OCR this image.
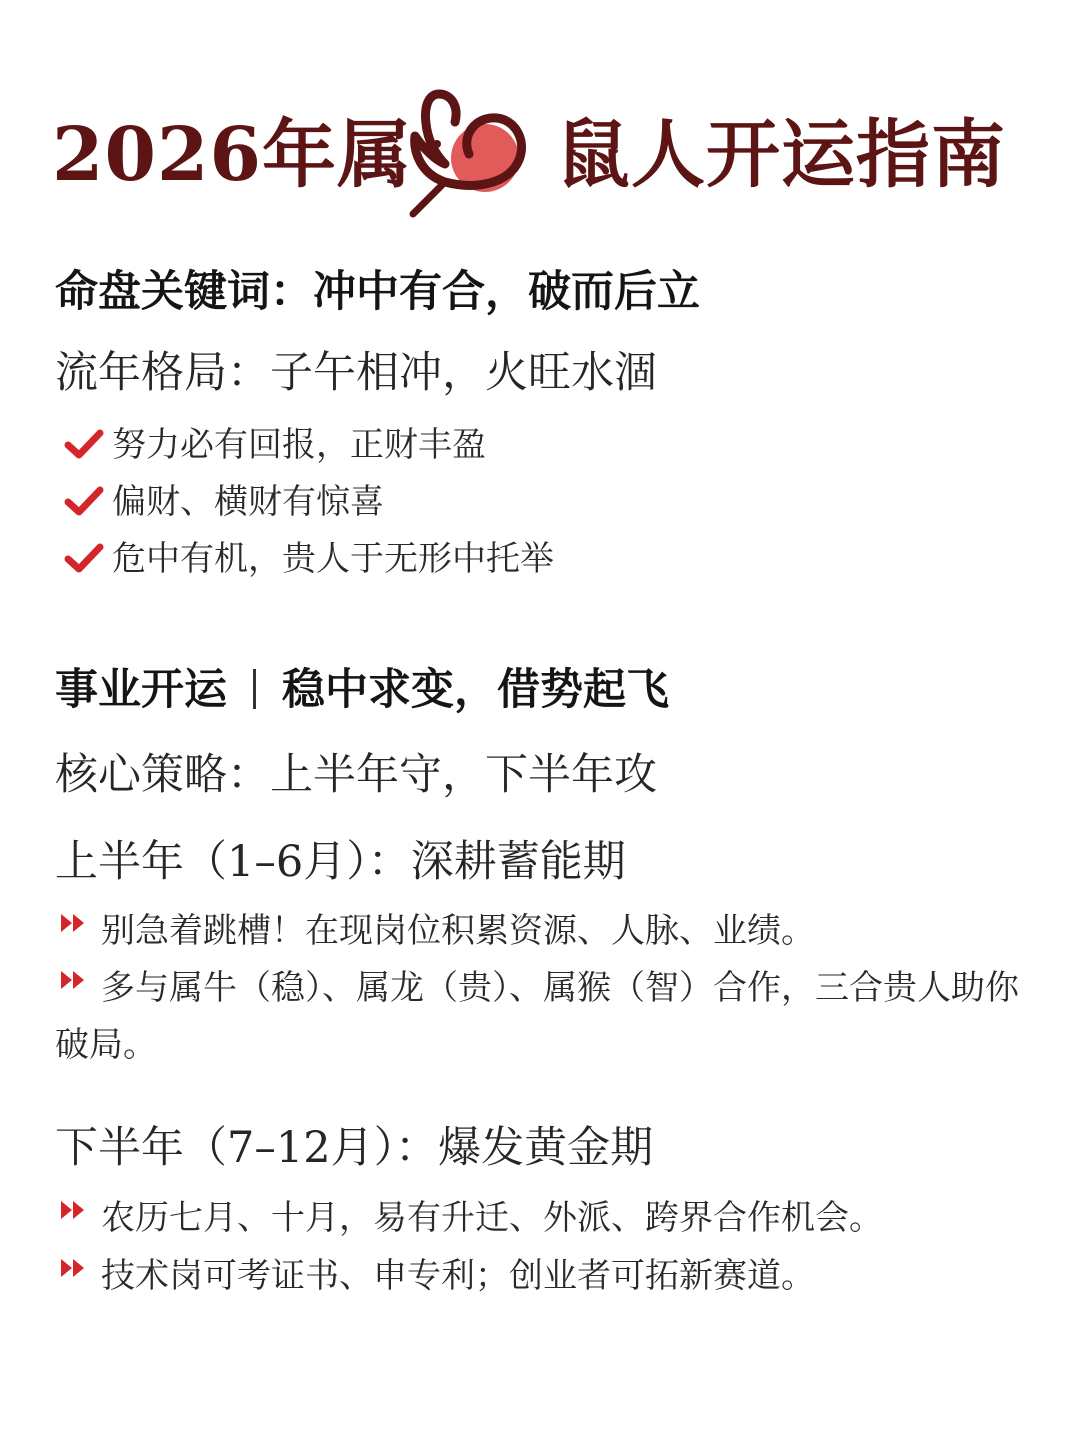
2026年属 鼠人开运指南
命盘关键词：冲中有合，破而后立
流年格局：子午相冲，火旺水涸
努力必有回报，正财丰盈
偏财、横财有惊喜
危中有机，贵人于无形中托举
事业开运 稳中求变，借势起飞
核心策略：上半年守，下半年攻
上半年（1–6月）：深耕蓄能期
别急着跳槽！在现岗位积累资源、人脉、业绩。
多与属牛（稳）、属龙（贵）、属猴（智）合作，三合贵人助你破局。
下半年（7–12月）：爆发黄金期
农历七月、十月，易有升迁、外派、跨界合作机会。
技术岗可考证书、申专利；创业者可拓新赛道。
